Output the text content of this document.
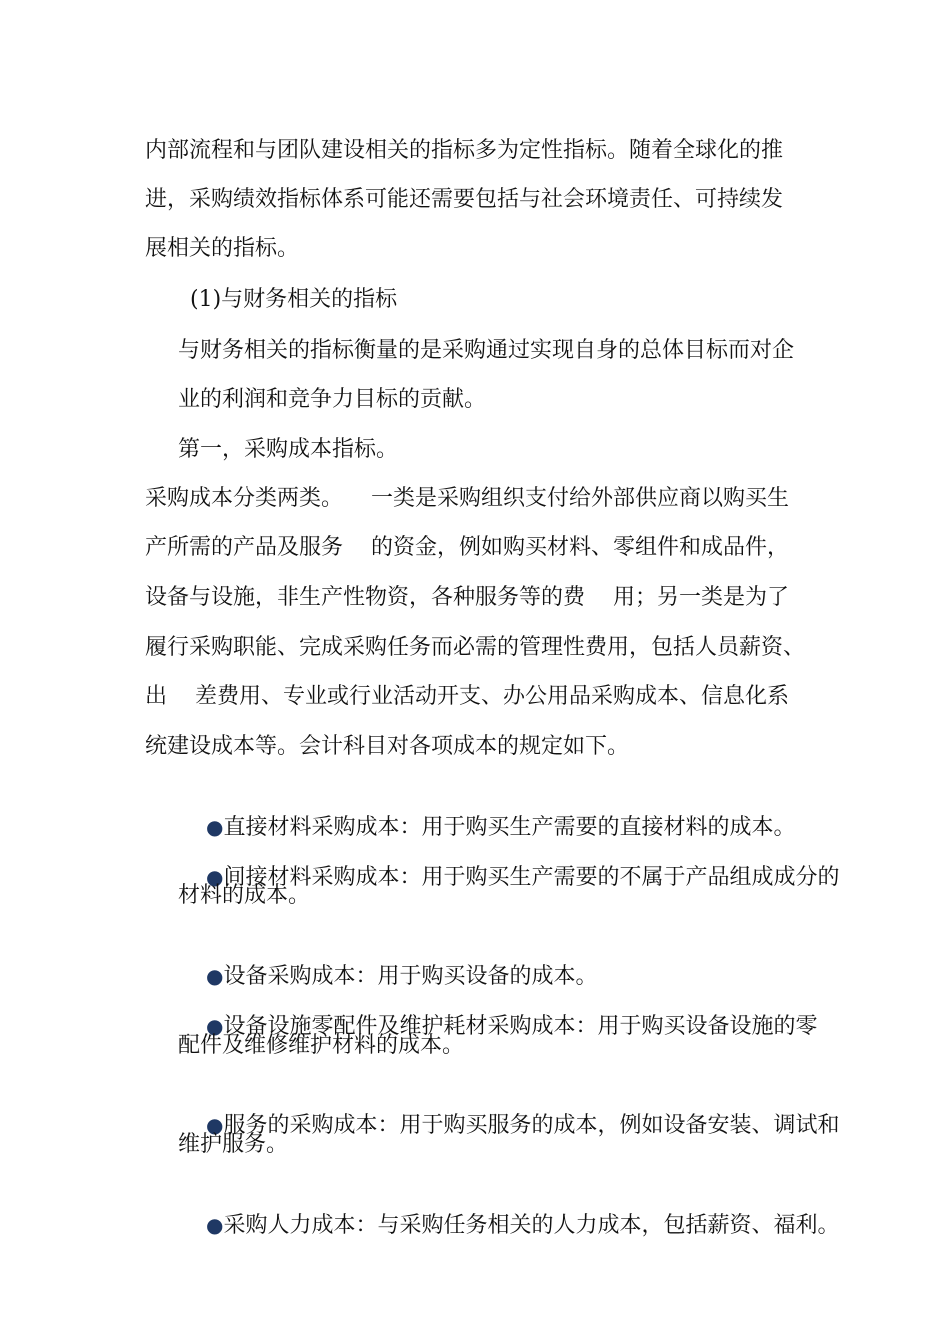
内部流程和与团队建设相关的指标多为定性指标。随着全球化的推
进，采购绩效指标体系可能还需要包括与社会环境责任、可持续发
展相关的指标。
(1)与财务相关的指标
与财务相关的指标衡量的是采购通过实现自身的总体目标而对企
业的利润和竞争力目标的贡献。
第一，采购成本指标。
采购成本分类两类。    一类是采购组织支付给外部供应商以购买生
产所需的产品及服务    的资金，例如购买材料、零组件和成品件，
设备与设施，非生产性物资，各种服务等的费    用；另一类是为了
履行采购职能、完成采购任务而必需的管理性费用，包括人员薪资、
出    差费用、专业或行业活动开支、办公用品采购成本、信息化系
统建设成本等。会计科目对各项成本的规定如下。

●直接材料采购成本：用于购买生产需要的直接材料的成本。

●间接材料采购成本：用于购买生产需要的不属于产品组成成分的

材料的成本。

●设备采购成本：用于购买设备的成本。

●设备设施零配件及维护耗材采购成本：用于购买设备设施的零

配件及维修维护材料的成本。

●服务的采购成本：用于购买服务的成本，例如设备安装、调试和

维护服务。

●采购人力成本：与采购任务相关的人力成本，包括薪资、福利。
